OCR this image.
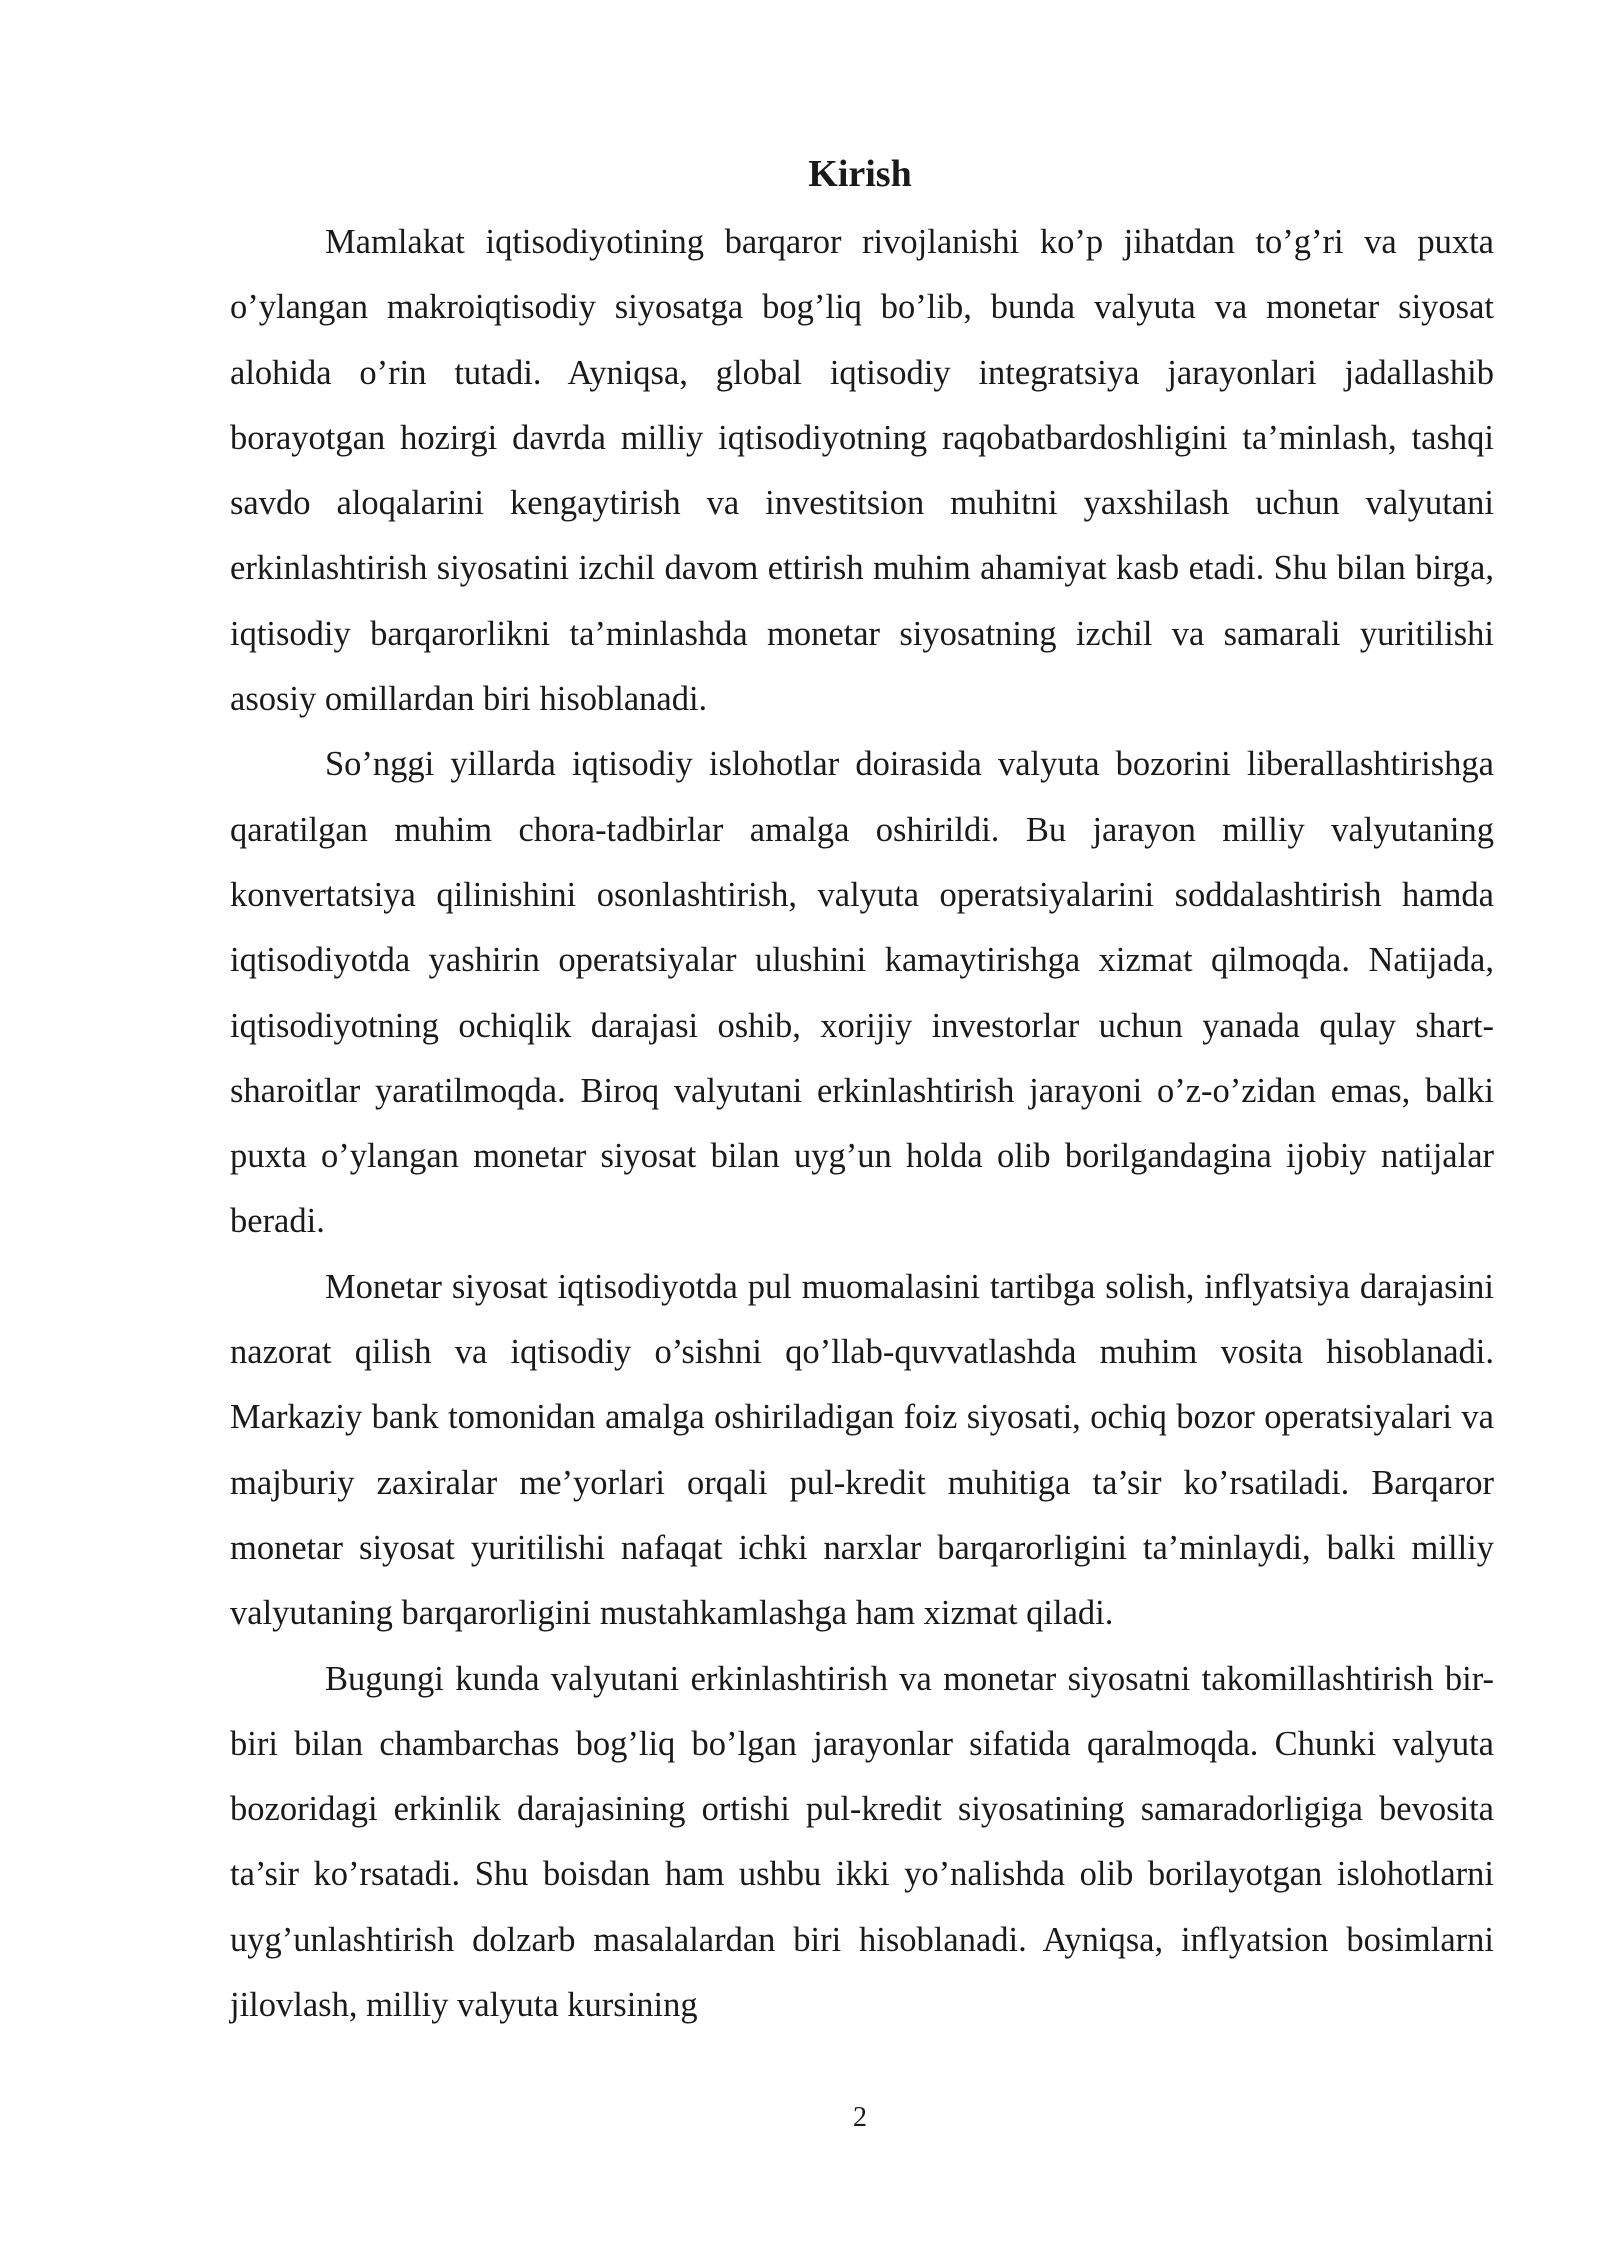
Kirish

Mamlakat iqtisodiyotining barqaror rivojlanishi ko’p jihatdan to’g’ri va puxta o’ylangan makroiqtisodiy siyosatga bog’liq bo’lib, bunda valyuta va monetar siyosat alohida o’rin tutadi. Ayniqsa, global iqtisodiy integratsiya jarayonlari jadallashib borayotgan hozirgi davrda milliy iqtisodiyotning raqobatbardoshligini ta’minlash, tashqi savdo aloqalarini kengaytirish va investitsion muhitni yaxshilash uchun valyutani erkinlashtirish siyosatini izchil davom ettirish muhim ahamiyat kasb etadi. Shu bilan birga, iqtisodiy barqarorlikni ta’minlashda monetar siyosatning izchil va samarali yuritilishi asosiy omillardan biri hisoblanadi.

So’nggi yillarda iqtisodiy islohotlar doirasida valyuta bozorini liberallashtirishga qaratilgan muhim chora-tadbirlar amalga oshirildi. Bu jarayon milliy valyutaning konvertatsiya qilinishini osonlashtirish, valyuta operatsiyalarini soddalashtirish hamda iqtisodiyotda yashirin operatsiyalar ulushini kamaytirishga xizmat qilmoqda. Natijada, iqtisodiyotning ochiqlik darajasi oshib, xorijiy investorlar uchun yanada qulay shart-sharoitlar yaratilmoqda. Biroq valyutani erkinlashtirish jarayoni o’z-o’zidan emas, balki puxta o’ylangan monetar siyosat bilan uyg’un holda olib borilgandagina ijobiy natijalar beradi.

Monetar siyosat iqtisodiyotda pul muomalasini tartibga solish, inflyatsiya darajasini nazorat qilish va iqtisodiy o’sishni qo’llab-quvvatlashda muhim vosita hisoblanadi. Markaziy bank tomonidan amalga oshiriladigan foiz siyosati, ochiq bozor operatsiyalari va majburiy zaxiralar me’yorlari orqali pul-kredit muhitiga ta’sir ko’rsatiladi. Barqaror monetar siyosat yuritilishi nafaqat ichki narxlar barqarorligini ta’minlaydi, balki milliy valyutaning barqarorligini mustahkamlashga ham xizmat qiladi.

Bugungi kunda valyutani erkinlashtirish va monetar siyosatni takomillashtirish bir-biri bilan chambarchas bog’liq bo’lgan jarayonlar sifatida qaralmoqda. Chunki valyuta bozoridagi erkinlik darajasining ortishi pul-kredit siyosatining samaradorligiga bevosita ta’sir ko’rsatadi. Shu boisdan ham ushbu ikki yo’nalishda olib borilayotgan islohotlarni uyg’unlashtirish dolzarb masalalardan biri hisoblanadi. Ayniqsa, inflyatsion bosimlarni jilovlash, milliy valyuta kursining

2
